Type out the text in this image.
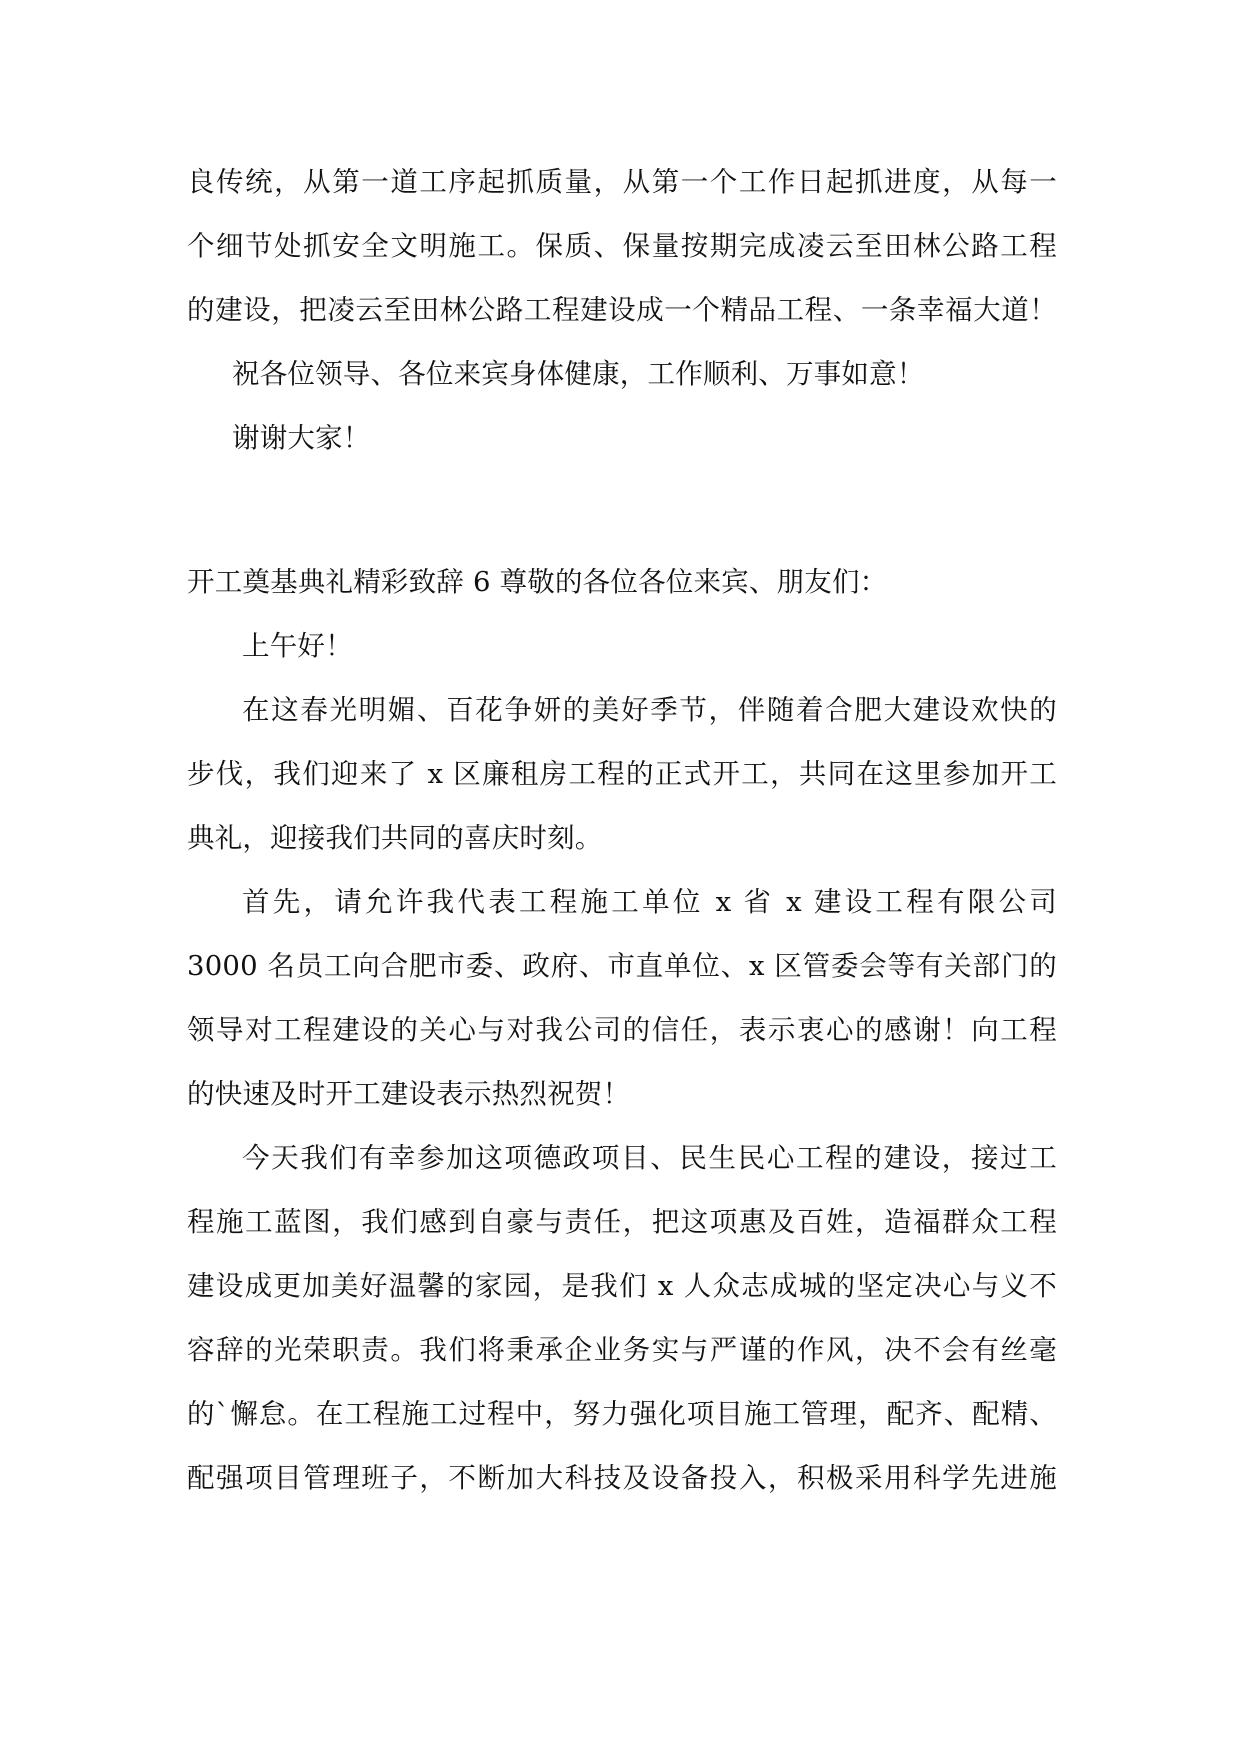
良传统，从第一道工序起抓质量，从第一个工作日起抓进度，从每一
个细节处抓安全文明施工。保质、保量按期完成凌云至田林公路工程
的建设，把凌云至田林公路工程建设成一个精品工程、一条幸福大道！
祝各位领导、各位来宾身体健康，工作顺利、万事如意！
谢谢大家！
开工奠基典礼精彩致辞 6 尊敬的各位各位来宾、朋友们：
上午好！
在这春光明媚、百花争妍的美好季节，伴随着合肥大建设欢快的
步伐，我们迎来了 x 区廉租房工程的正式开工，共同在这里参加开工
典礼，迎接我们共同的喜庆时刻。
首先，请允许我代表工程施工单位 x 省 x 建设工程有限公司
3000 名员工向合肥市委、政府、市直单位、x 区管委会等有关部门的
领导对工程建设的关心与对我公司的信任，表示衷心的感谢！向工程
的快速及时开工建设表示热烈祝贺！
今天我们有幸参加这项德政项目、民生民心工程的建设，接过工
程施工蓝图，我们感到自豪与责任，把这项惠及百姓，造福群众工程
建设成更加美好温馨的家园，是我们 x 人众志成城的坚定决心与义不
容辞的光荣职责。我们将秉承企业务实与严谨的作风，决不会有丝毫
的`懈怠。在工程施工过程中，努力强化项目施工管理，配齐、配精、
配强项目管理班子，不断加大科技及设备投入，积极采用科学先进施
